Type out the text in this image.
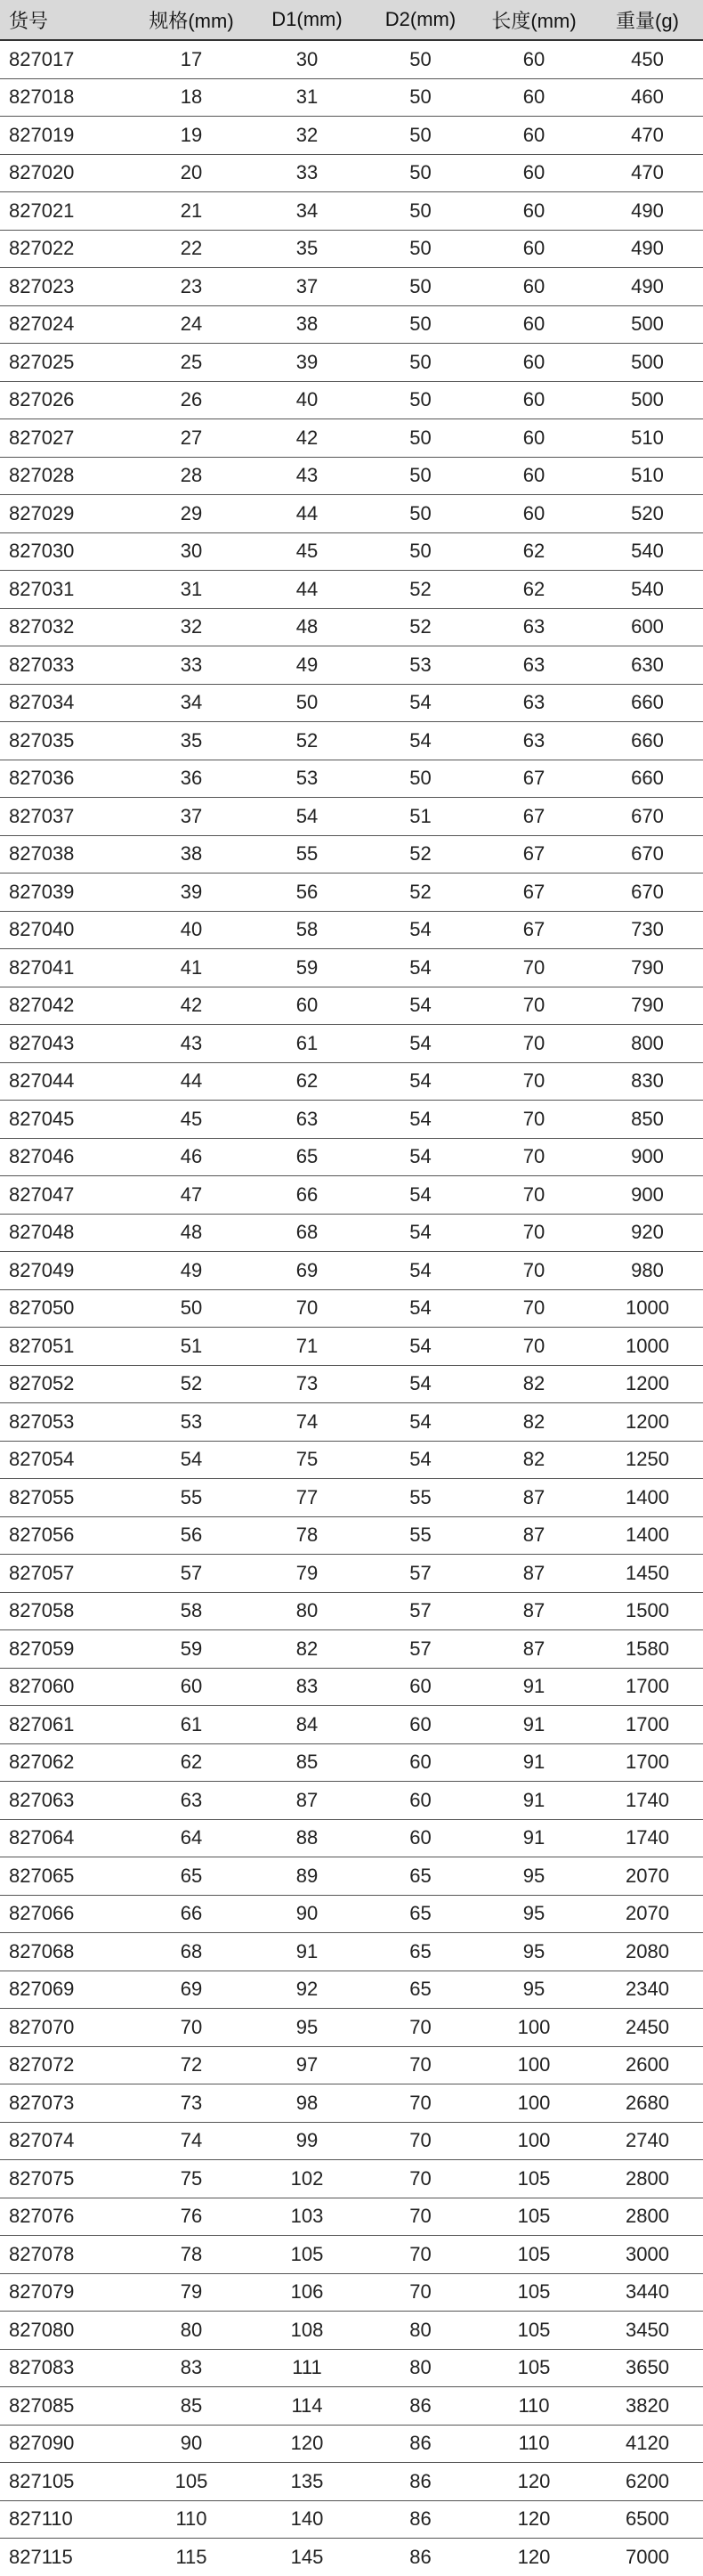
货号	规格(mm)	D1(mm)	D2(mm)	长度(mm)	重量(g)
827017	17	30	50	60	450
827018	18	31	50	60	460
827019	19	32	50	60	470
827020	20	33	50	60	470
827021	21	34	50	60	490
827022	22	35	50	60	490
827023	23	37	50	60	490
827024	24	38	50	60	500
827025	25	39	50	60	500
827026	26	40	50	60	500
827027	27	42	50	60	510
827028	28	43	50	60	510
827029	29	44	50	60	520
827030	30	45	50	62	540
827031	31	44	52	62	540
827032	32	48	52	63	600
827033	33	49	53	63	630
827034	34	50	54	63	660
827035	35	52	54	63	660
827036	36	53	50	67	660
827037	37	54	51	67	670
827038	38	55	52	67	670
827039	39	56	52	67	670
827040	40	58	54	67	730
827041	41	59	54	70	790
827042	42	60	54	70	790
827043	43	61	54	70	800
827044	44	62	54	70	830
827045	45	63	54	70	850
827046	46	65	54	70	900
827047	47	66	54	70	900
827048	48	68	54	70	920
827049	49	69	54	70	980
827050	50	70	54	70	1000
827051	51	71	54	70	1000
827052	52	73	54	82	1200
827053	53	74	54	82	1200
827054	54	75	54	82	1250
827055	55	77	55	87	1400
827056	56	78	55	87	1400
827057	57	79	57	87	1450
827058	58	80	57	87	1500
827059	59	82	57	87	1580
827060	60	83	60	91	1700
827061	61	84	60	91	1700
827062	62	85	60	91	1700
827063	63	87	60	91	1740
827064	64	88	60	91	1740
827065	65	89	65	95	2070
827066	66	90	65	95	2070
827068	68	91	65	95	2080
827069	69	92	65	95	2340
827070	70	95	70	100	2450
827072	72	97	70	100	2600
827073	73	98	70	100	2680
827074	74	99	70	100	2740
827075	75	102	70	105	2800
827076	76	103	70	105	2800
827078	78	105	70	105	3000
827079	79	106	70	105	3440
827080	80	108	80	105	3450
827083	83	111	80	105	3650
827085	85	114	86	110	3820
827090	90	120	86	110	4120
827105	105	135	86	120	6200
827110	110	140	86	120	6500
827115	115	145	86	120	7000
